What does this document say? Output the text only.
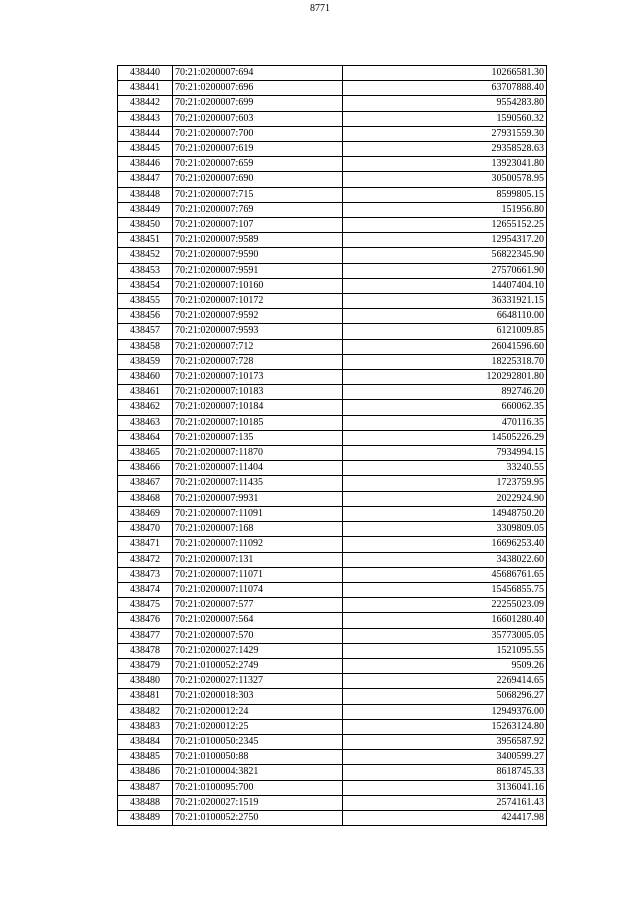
8771
438440	70:21:0200007:694	10266581.30
438441	70:21:0200007:696	63707888.40
438442	70:21:0200007:699	9554283.80
438443	70:21:0200007:603	1590560.32
438444	70:21:0200007:700	27931559.30
438445	70:21:0200007:619	29358528.63
438446	70:21:0200007:659	13923041.80
438447	70:21:0200007:690	30500578.95
438448	70:21:0200007:715	8599805.15
438449	70:21:0200007:769	151956.80
438450	70:21:0200007:107	12655152.25
438451	70:21:0200007:9589	12954317.20
438452	70:21:0200007:9590	56822345.90
438453	70:21:0200007:9591	27570661.90
438454	70:21:0200007:10160	14407404.10
438455	70:21:0200007:10172	36331921.15
438456	70:21:0200007:9592	6648110.00
438457	70:21:0200007:9593	6121009.85
438458	70:21:0200007:712	26041596.60
438459	70:21:0200007:728	18225318.70
438460	70:21:0200007:10173	120292801.80
438461	70:21:0200007:10183	892746.20
438462	70:21:0200007:10184	660062.35
438463	70:21:0200007:10185	470116.35
438464	70:21:0200007:135	14505226.29
438465	70:21:0200007:11870	7934994.15
438466	70:21:0200007:11404	33240.55
438467	70:21:0200007:11435	1723759.95
438468	70:21:0200007:9931	2022924.90
438469	70:21:0200007:11091	14948750.20
438470	70:21:0200007:168	3309809.05
438471	70:21:0200007:11092	16696253.40
438472	70:21:0200007:131	3438022.60
438473	70:21:0200007:11071	45686761.65
438474	70:21:0200007:11074	15456855.75
438475	70:21:0200007:577	22255023.09
438476	70:21:0200007:564	16601280.40
438477	70:21:0200007:570	35773005.05
438478	70:21:0200027:1429	1521095.55
438479	70:21:0100052:2749	9509.26
438480	70:21:0200027:11327	2269414.65
438481	70:21:0200018:303	5068296.27
438482	70:21:0200012:24	12949376.00
438483	70:21:0200012:25	15263124.80
438484	70:21:0100050:2345	3956587.92
438485	70:21:0100050:88	3400599.27
438486	70:21:0100004:3821	8618745.33
438487	70:21:0100095:700	3136041.16
438488	70:21:0200027:1519	2574161.43
438489	70:21:0100052:2750	424417.98
